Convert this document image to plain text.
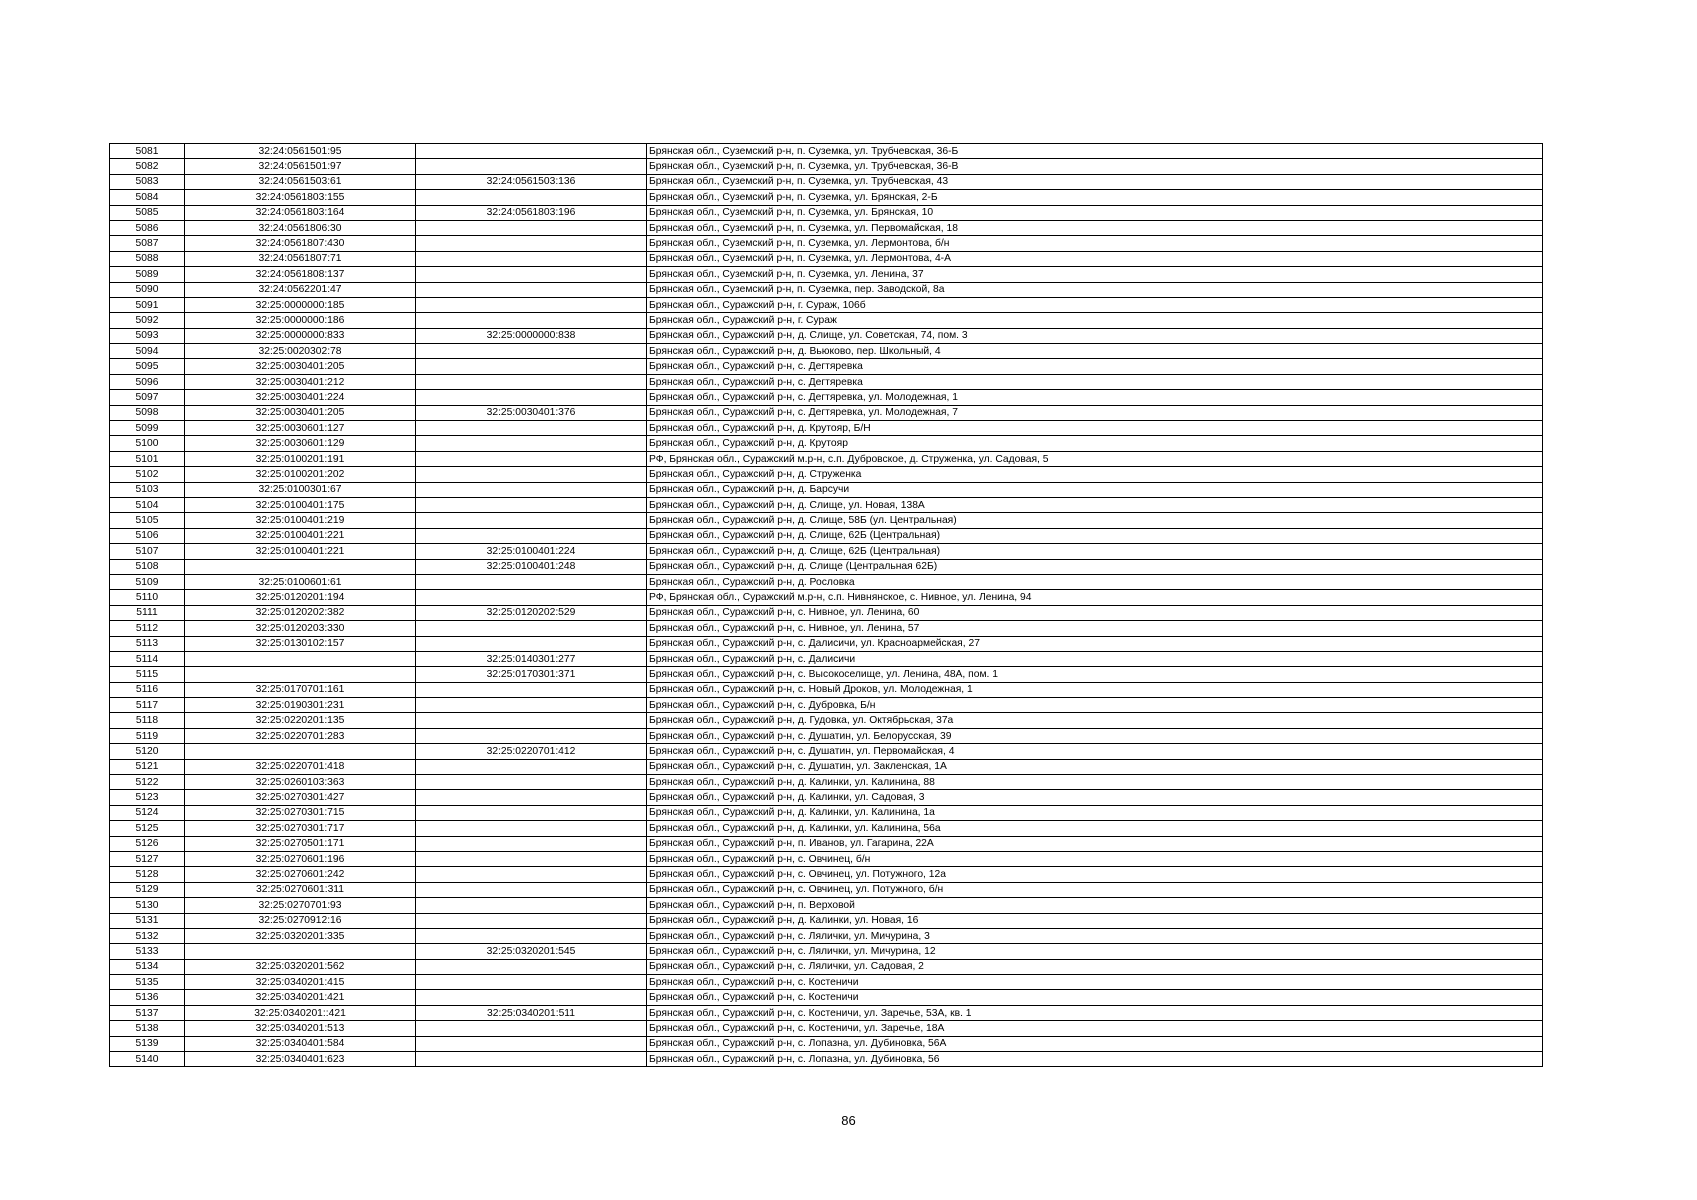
5081	32:24:0561501:95		Брянская обл., Суземский р-н, п. Суземка, ул. Трубчевская, 36-Б
5082	32:24:0561501:97		Брянская обл., Суземский р-н, п. Суземка, ул. Трубчевская, 36-В
5083	32:24:0561503:61	32:24:0561503:136	Брянская обл., Суземский р-н, п. Суземка, ул. Трубчевская, 43
5084	32:24:0561803:155		Брянская обл., Суземский р-н, п. Суземка, ул. Брянская, 2-Б
5085	32:24:0561803:164	32:24:0561803:196	Брянская обл., Суземский р-н, п. Суземка, ул. Брянская, 10
5086	32:24:0561806:30		Брянская обл., Суземский р-н, п. Суземка, ул. Первомайская, 18
5087	32:24:0561807:430		Брянская обл., Суземский р-н, п. Суземка, ул. Лермонтова, б/н
5088	32:24:0561807:71		Брянская обл., Суземский р-н, п. Суземка, ул. Лермонтова, 4-А
5089	32:24:0561808:137		Брянская обл., Суземский р-н, п. Суземка, ул. Ленина, 37
5090	32:24:0562201:47		Брянская обл., Суземский р-н, п. Суземка, пер. Заводской, 8а
5091	32:25:0000000:185		Брянская обл., Суражский р-н, г. Сураж, 106б
5092	32:25:0000000:186		Брянская обл., Суражский р-н, г. Сураж
5093	32:25:0000000:833	32:25:0000000:838	Брянская обл., Суражский р-н, д. Слище, ул. Советская, 74, пом. 3
5094	32:25:0020302:78		Брянская обл., Суражский р-н, д. Вьюково, пер. Школьный, 4
5095	32:25:0030401:205		Брянская обл., Суражский р-н, с. Дегтяревка
5096	32:25:0030401:212		Брянская обл., Суражский р-н, с. Дегтяревка
5097	32:25:0030401:224		Брянская обл., Суражский р-н, с. Дегтяревка, ул. Молодежная, 1
5098	32:25:0030401:205	32:25:0030401:376	Брянская обл., Суражский р-н, с. Дегтяревка, ул. Молодежная, 7
5099	32:25:0030601:127		Брянская обл., Суражский р-н, д. Крутояр, Б/Н
5100	32:25:0030601:129		Брянская обл., Суражский р-н, д. Крутояр
5101	32:25:0100201:191		РФ, Брянская обл., Суражский м.р-н, с.п. Дубровское, д. Струженка, ул. Садовая, 5
5102	32:25:0100201:202		Брянская обл., Суражский р-н, д. Струженка
5103	32:25:0100301:67		Брянская обл., Суражский р-н, д. Барсучи
5104	32:25:0100401:175		Брянская обл., Суражский р-н, д. Слище, ул. Новая, 138А
5105	32:25:0100401:219		Брянская обл., Суражский р-н, д. Слище, 58Б (ул. Центральная)
5106	32:25:0100401:221		Брянская обл., Суражский р-н, д. Слище, 62Б (Центральная)
5107	32:25:0100401:221	32:25:0100401:224	Брянская обл., Суражский р-н, д. Слище, 62Б (Центральная)
5108		32:25:0100401:248	Брянская обл., Суражский р-н, д. Слище (Центральная 62Б)
5109	32:25:0100601:61		Брянская обл., Суражский р-н, д. Рословка
5110	32:25:0120201:194		РФ, Брянская обл., Суражский м.р-н, с.п. Нивнянское, с. Нивное, ул. Ленина, 94
5111	32:25:0120202:382	32:25:0120202:529	Брянская обл., Суражский р-н, с. Нивное, ул. Ленина, 60
5112	32:25:0120203:330		Брянская обл., Суражский р-н, с. Нивное, ул. Ленина, 57
5113	32:25:0130102:157		Брянская обл., Суражский р-н, с. Далисичи, ул. Красноармейская, 27
5114		32:25:0140301:277	Брянская обл., Суражский р-н, с. Далисичи
5115		32:25:0170301:371	Брянская обл., Суражский р-н, с. Высокоселище, ул. Ленина, 48А, пом. 1
5116	32:25:0170701:161		Брянская обл., Суражский р-н, с. Новый Дроков, ул. Молодежная, 1
5117	32:25:0190301:231		Брянская обл., Суражский р-н, с. Дубровка, Б/н
5118	32:25:0220201:135		Брянская обл., Суражский р-н, д. Гудовка, ул. Октябрьская, 37а
5119	32:25:0220701:283		Брянская обл., Суражский р-н, с. Душатин, ул. Белорусская, 39
5120		32:25:0220701:412	Брянская обл., Суражский р-н, с. Душатин, ул. Первомайская, 4
5121	32:25:0220701:418		Брянская обл., Суражский р-н, с. Душатин, ул. Закленская, 1А
5122	32:25:0260103:363		Брянская обл., Суражский р-н, д. Калинки, ул. Калинина, 88
5123	32:25:0270301:427		Брянская обл., Суражский р-н, д. Калинки, ул. Садовая, 3
5124	32:25:0270301:715		Брянская обл., Суражский р-н, д. Калинки, ул. Калинина, 1а
5125	32:25:0270301:717		Брянская обл., Суражский р-н, д. Калинки, ул. Калинина, 56а
5126	32:25:0270501:171		Брянская обл., Суражский р-н, п. Иванов, ул. Гагарина, 22А
5127	32:25:0270601:196		Брянская обл., Суражский р-н, с. Овчинец, б/н
5128	32:25:0270601:242		Брянская обл., Суражский р-н, с. Овчинец, ул. Потужного, 12а
5129	32:25:0270601:311		Брянская обл., Суражский р-н, с. Овчинец, ул. Потужного, б/н
5130	32:25:0270701:93		Брянская обл., Суражский р-н, п. Верховой
5131	32:25:0270912:16		Брянская обл., Суражский р-н, д. Калинки, ул. Новая, 16
5132	32:25:0320201:335		Брянская обл., Суражский р-н, с. Лялички, ул. Мичурина, 3
5133		32:25:0320201:545	Брянская обл., Суражский р-н, с. Лялички, ул. Мичурина, 12
5134	32:25:0320201:562		Брянская обл., Суражский р-н, с. Лялички, ул. Садовая, 2
5135	32:25:0340201:415		Брянская обл., Суражский р-н, с. Костеничи
5136	32:25:0340201:421		Брянская обл., Суражский р-н, с. Костеничи
5137	32:25:0340201::421	32:25:0340201:511	Брянская обл., Суражский р-н, с. Костеничи, ул. Заречье, 53А, кв. 1
5138	32:25:0340201:513		Брянская обл., Суражский р-н, с. Костеничи, ул. Заречье, 18А
5139	32:25:0340401:584		Брянская обл., Суражский р-н, с. Лопазна, ул. Дубиновка, 56А
5140	32:25:0340401:623		Брянская обл., Суражский р-н, с. Лопазна, ул. Дубиновка, 56
86
